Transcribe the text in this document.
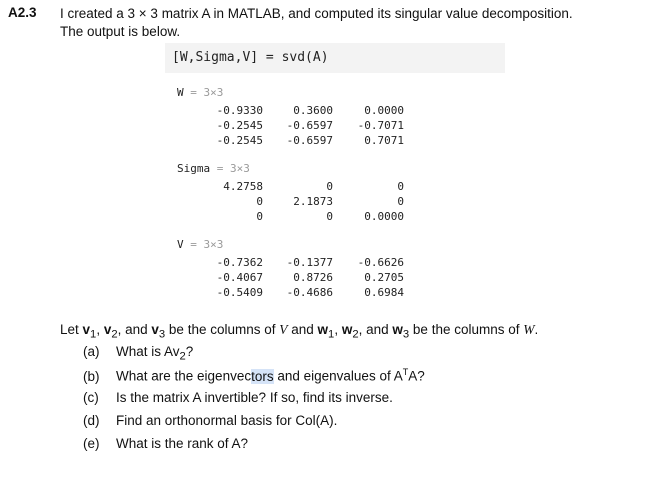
A2.3 I created a 3 × 3 matrix A in MATLAB, and computed its singular value decomposition.
The output is below.
[W,Sigma,V] = svd(A)
W = 3×3
-0.9330	0.3600	0.0000
-0.2545	-0.6597	-0.7071
-0.2545	-0.6597	0.7071
Sigma = 3×3
4.2758	0	0
0	2.1873	0
0	0	0.0000
V = 3×3
-0.7362	-0.1377	-0.6626
-0.4067	0.8726	0.2705
-0.5409	-0.4686	0.6984
Let $v_1$, $v_2$, and $v_3$ be the columns of V and $w_1$, $w_2$, and $w_3$ be the columns of W.
(a) What is $Av_2$?
(b) What are the eigenvectors and eigenvalues of $A^TA$?
(c) Is the matrix A invertible? If so, find its inverse.
(d) Find an orthonormal basis for Col(A).
(e) What is the rank of A?
